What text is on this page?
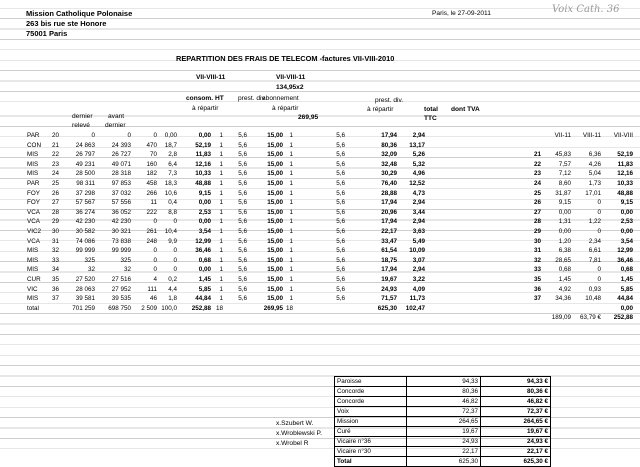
Mission Catholique Polonaise
263 bis rue ste Honore
75001 Paris
Paris, le 27-09-2011	Voix Cath. 36
REPARTITION DES FRAIS DE TELECOM -factures VII-VIII-2010
VII-VIII-11	VII-VIII-11
134,95x2
consom. HT
à répartir
prest. div
abonnement
à répartir
269,95
prest. div.
à répartir	total
TTC
dont TVA
dernier
relevé
avant
dernier
PAR	20	0	0	0	0,00	0,00	1	5,6	15,00	1	5,6	17,94	2,94
CON	21	24 863	24 393	470	18,7	52,19	1	5,6	15,00	1	5,6	80,36	13,17
MIS	22	26 797	26 727	70	2,8	11,83	1	5,6	15,00	1	5,6	32,09	5,26
MIS	23	49 231	49 071	160	6,4	12,16	1	5,6	15,00	1	5,6	32,48	5,32
MIS	24	28 500	28 318	182	7,3	10,33	1	5,6	15,00	1	5,6	30,29	4,96
PAR	25	98 311	97 853	458	18,3	48,88	1	5,6	15,00	1	5,6	76,40	12,52
FOY	26	37 298	37 032	266	10,6	9,15	1	5,6	15,00	1	5,6	28,88	4,73
FOY	27	57 567	57 556	11	0,4	0,00	1	5,6	15,00	1	5,6	17,94	2,94
VCA	28	36 274	36 052	222	8,8	2,53	1	5,6	15,00	1	5,6	20,96	3,44
VCA	29	42 230	42 230	0	0	0,00	1	5,6	15,00	1	5,6	17,94	2,94
VIC2	30	30 582	30 321	261	10,4	3,54	1	5,6	15,00	1	5,6	22,17	3,63
VCA	31	74 086	73 838	248	9,9	12,99	1	5,6	15,00	1	5,6	33,47	5,49
MIS	32	99 999	99 999	0	0	36,46	1	5,6	15,00	1	5,6	61,54	10,09
MIS	33	325	325	0	0	0,68	1	5,6	15,00	1	5,6	18,75	3,07
MIS	34	32	32	0	0	0,00	1	5,6	15,00	1	5,6	17,94	2,94
CUR	35	27 520	27 516	4	0,2	1,45	1	5,6	15,00	1	5,6	19,67	3,22
VIC	36	28 063	27 952	111	4,4	5,85	1	5,6	15,00	1	5,6	24,93	4,09
MIS	37	39 581	39 535	46	1,8	44,84	1	5,6	15,00	1	5,6	71,57	11,73
total		701 259	698 750	2 509	100,0	252,88	18		269,95	18		625,30	102,47
	VII-11	VIII-11	VII-VIII

21	45,83	6,36	52,19
22	7,57	4,26	11,83
23	7,12	5,04	12,16
24	8,60	1,73	10,33
25	31,87	17,01	48,88
26	9,15	0	9,15
27	0,00	0	0,00
28	1,31	1,22	2,53
29	0,00	0	0,00
30	1,20	2,34	3,54
31	6,38	6,61	12,99
32	28,65	7,81	36,46
33	0,68	0	0,68
35	1,45	0	1,45
36	4,92	0,93	5,85
37	34,36	10,48	44,84
			0,00
	189,09	63,79 €	252,88
x.Szubert W.
x.Wroblewski P.
x.Wrobel R
Paroisse	94,33	94,33 €
Concorde	80,36	80,36 €
Concorde	46,82	46,82 €
Voix	72,37	72,37 €
Mission	264,65	264,65 €
Curé	19,67	19,67 €
Vicaire n°36	24,93	24,93 €
Vicaire n°30	22,17	22,17 €
Total	625,30	625,30 €
